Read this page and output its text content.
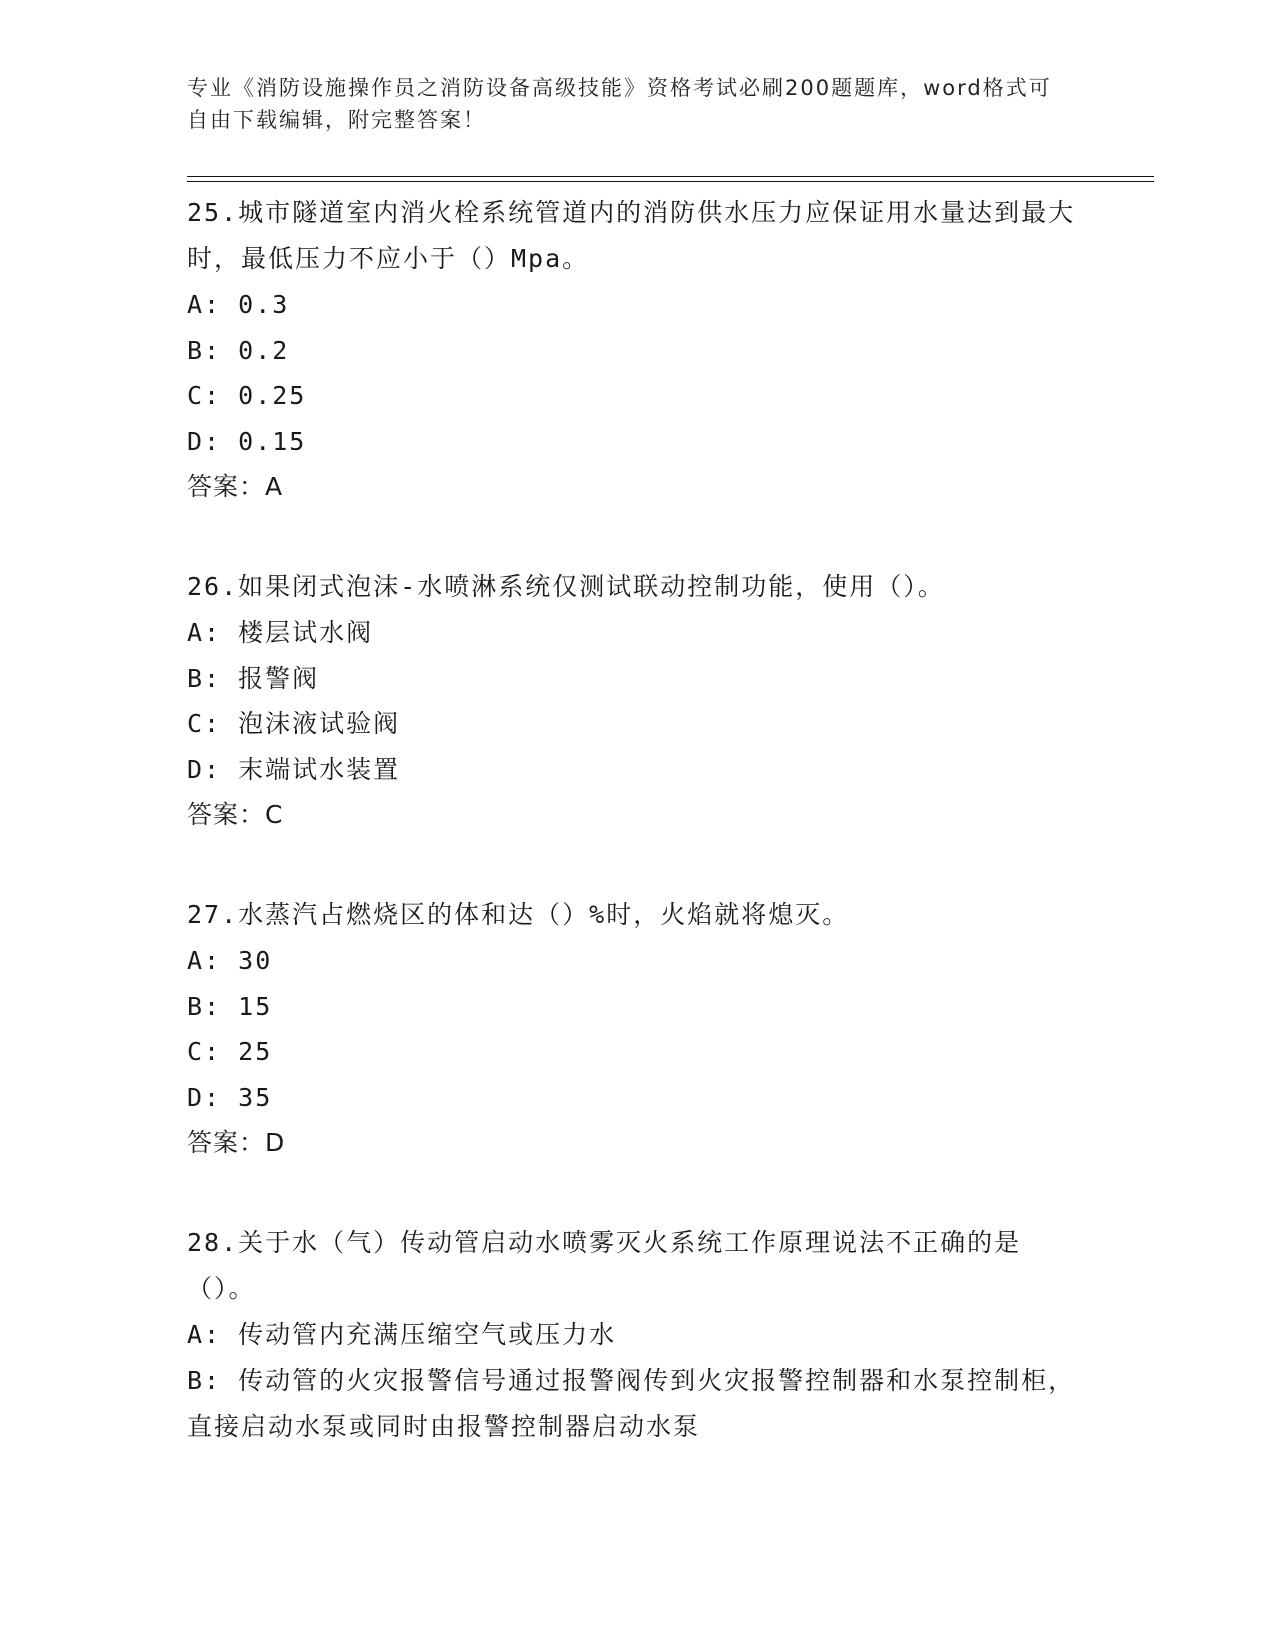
专业《消防设施操作员之消防设备高级技能》资格考试必刷200题题库，word格式可自由下载编辑，附完整答案！

25.城市隧道室内消火栓系统管道内的消防供水压力应保证用水量达到最大时，最低压力不应小于（）Mpa。

A: 0.3

B: 0.2

C: 0.25

D: 0.15

答案：A

26.如果闭式泡沫-水喷淋系统仅测试联动控制功能，使用（）。

A: 楼层试水阀

B: 报警阀

C: 泡沫液试验阀

D: 末端试水装置

答案：C

27.水蒸汽占燃烧区的体和达（）%时，火焰就将熄灭。

A: 30

B: 15

C: 25

D: 35

答案：D

28.关于水（气）传动管启动水喷雾灭火系统工作原理说法不正确的是（）。

A: 传动管内充满压缩空气或压力水

B: 传动管的火灾报警信号通过报警阀传到火灾报警控制器和水泵控制柜，直接启动水泵或同时由报警控制器启动水泵
